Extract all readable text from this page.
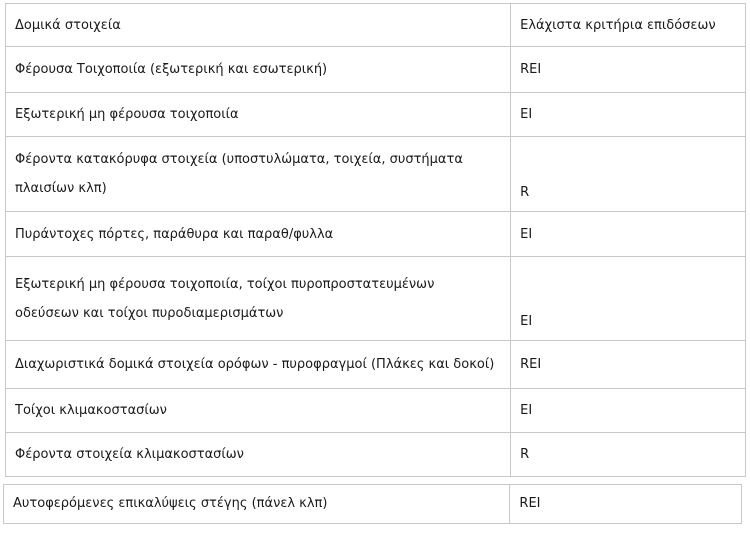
Δομικά στοιχεία	Ελάχιστα κριτήρια επιδόσεων
Φέρουσα Τοιχοποιία (εξωτερική και εσωτερική)	REI
Εξωτερική μη φέρουσα τοιχοποιία	EI
Φέροντα κατακόρυφα στοιχεία (υποστυλώματα, τοιχεία, συστήματα πλαισίων κλπ)	R
Πυράντοχες πόρτες, παράθυρα και παραθ/φυλλα	EI
Εξωτερική μη φέρουσα τοιχοποιία, τοίχοι πυροπροστατευμένων οδεύσεων και τοίχοι πυροδιαμερισμάτων	EI
Διαχωριστικά δομικά στοιχεία ορόφων - πυροφραγμοί (Πλάκες και δοκοί)	REI
Τοίχοι κλιμακοστασίων	EI
Φέροντα στοιχεία κλιμακοστασίων	R
Αυτοφερόμενες επικαλύψεις στέγης (πάνελ κλπ)	REI
